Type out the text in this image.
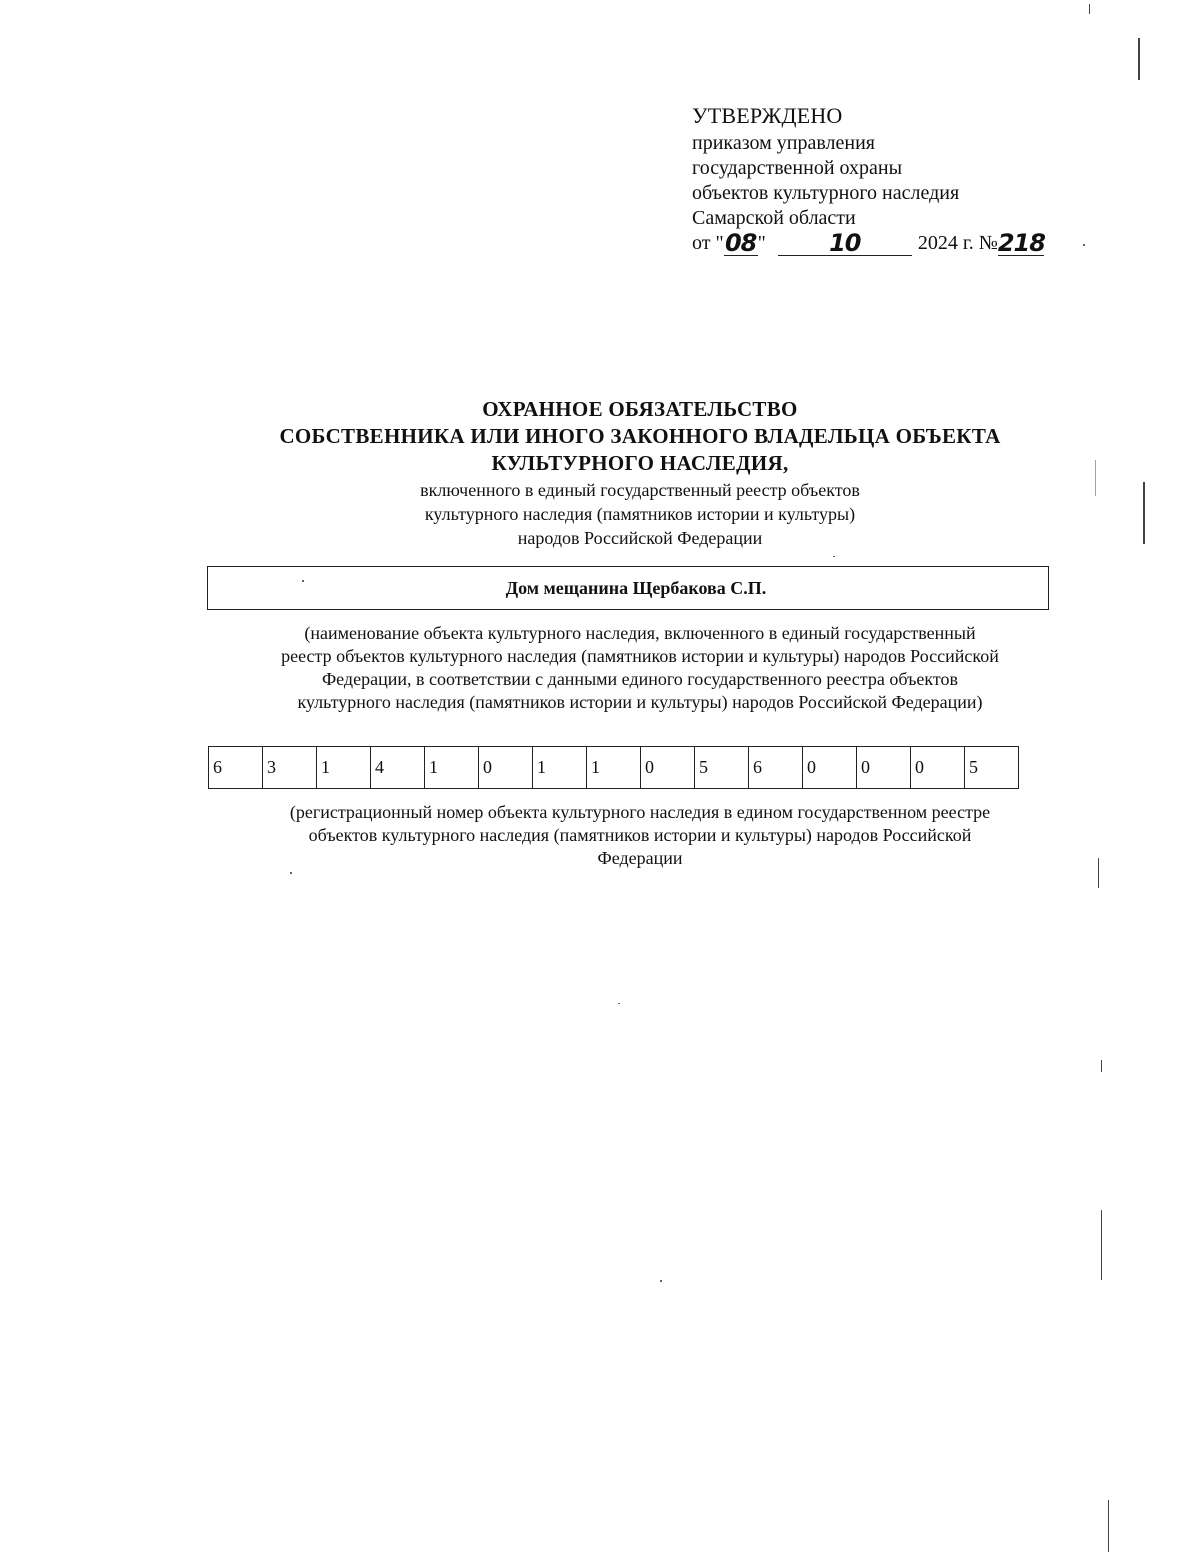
УТВЕРЖДЕНО
приказом управления
государственной охраны
объектов культурного наследия
Самарской области
от " 08 "	10	2024 г. № 218
ОХРАННОЕ ОБЯЗАТЕЛЬСТВО
СОБСТВЕННИКА ИЛИ ИНОГО ЗАКОННОГО ВЛАДЕЛЬЦА ОБЪЕКТА
КУЛЬТУРНОГО НАСЛЕДИЯ,
включенного в единый государственный реестр объектов
культурного наследия (памятников истории и культуры)
народов Российской Федерации
Дом мещанина Щербакова С.П.
(наименование объекта культурного наследия, включенного в единый государственный
реестр объектов культурного наследия (памятников истории и культуры) народов Российской
Федерации, в соответствии с данными единого государственного реестра объектов
культурного наследия (памятников истории и культуры) народов Российской Федерации)
6	3	1	4	1	0	1	1	0	5	6	0	0	0	5
(регистрационный номер объекта культурного наследия в едином государственном реестре
объектов культурного наследия (памятников истории и культуры) народов Российской
Федерации
